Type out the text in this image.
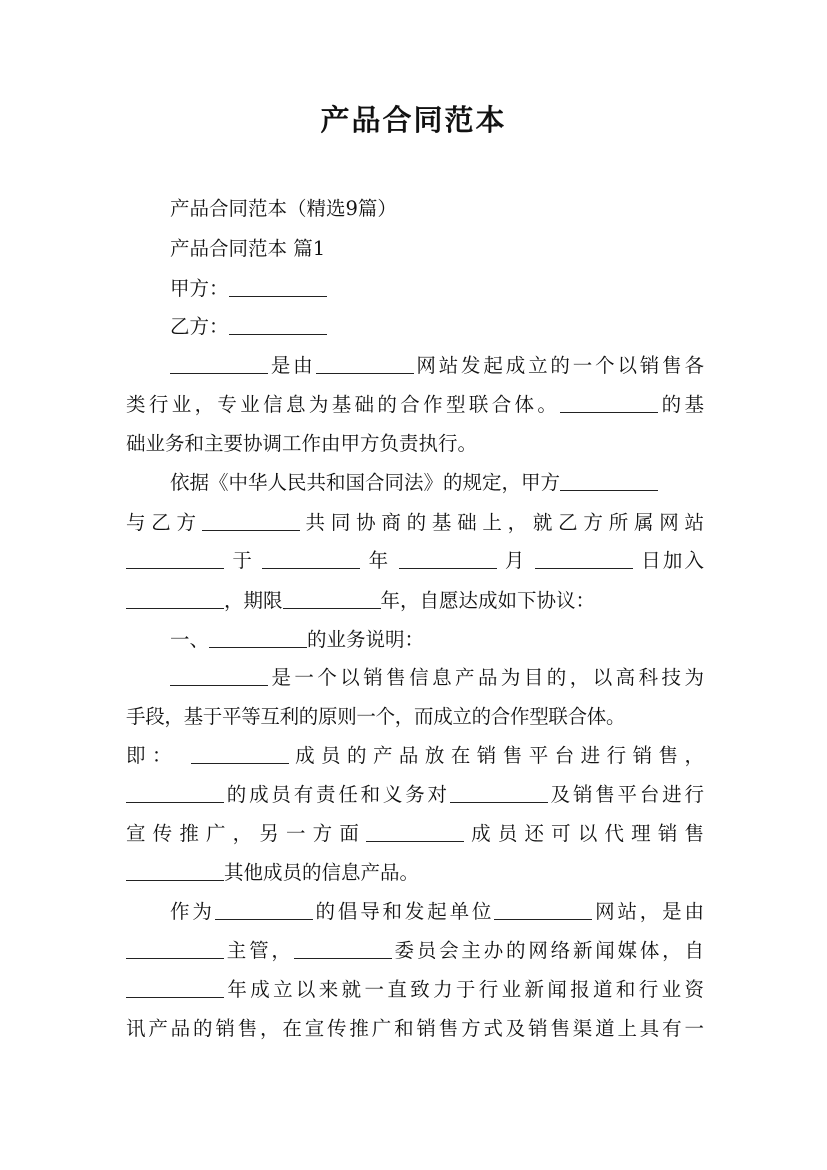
产品合同范本
产品合同范本（精选9篇）
产品合同范本 篇1
甲方：
乙方：
是由	网站发起成立的一个以销售各
类行业，专业信息为基础的合作型联合体。	的基
础业务和主要协调工作由甲方负责执行。
依据《中华人民共和国合同法》的规定，甲方
与乙方	共同协商的基础上，就乙方所属网站
于	年	月	日加入
，期限	年，自愿达成如下协议：
一、	的业务说明：
是一个以销售信息产品为目的，以高科技为
手段，基于平等互利的原则一个，而成立的合作型联合体。
即：	成员的产品放在销售平台进行销售，
的成员有责任和义务对	及销售平台进行
宣传推广，另一方面	成员还可以代理销售
其他成员的信息产品。
作为	的倡导和发起单位	网站，是由
主管，	委员会主办的网络新闻媒体，自
年成立以来就一直致力于行业新闻报道和行业资
讯产品的销售，在宣传推广和销售方式及销售渠道上具有一
